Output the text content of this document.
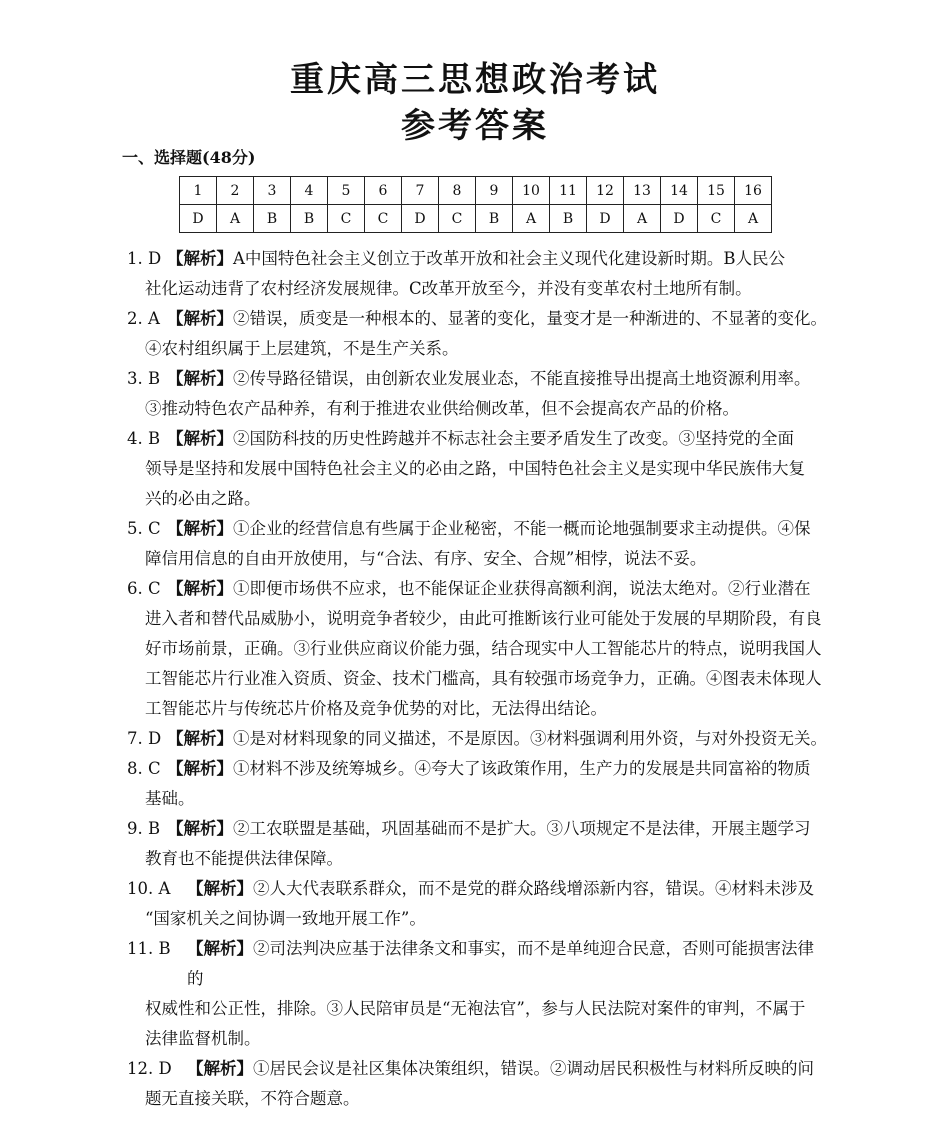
重庆高三思想政治考试
参考答案
一、选择题(48分)
1	2	3	4	5	6	7	8	9	10	11	12	13	14	15	16
D	A	B	B	C	C	D	C	B	A	B	D	A	D	C	A
1. D 【解析】A中国特色社会主义创立于改革开放和社会主义现代化建设新时期。B人民公
社化运动违背了农村经济发展规律。C改革开放至今，并没有变革农村土地所有制。
2. A 【解析】②错误，质变是一种根本的、显著的变化，量变才是一种渐进的、不显著的变化。
④农村组织属于上层建筑，不是生产关系。
3. B 【解析】②传导路径错误，由创新农业发展业态，不能直接推导出提高土地资源利用率。
③推动特色农产品种养，有利于推进农业供给侧改革，但不会提高农产品的价格。
4. B 【解析】②国防科技的历史性跨越并不标志社会主要矛盾发生了改变。③坚持党的全面
领导是坚持和发展中国特色社会主义的必由之路，中国特色社会主义是实现中华民族伟大复
兴的必由之路。
5. C 【解析】①企业的经营信息有些属于企业秘密，不能一概而论地强制要求主动提供。④保
障信用信息的自由开放使用，与“合法、有序、安全、合规”相悖，说法不妥。
6. C 【解析】①即便市场供不应求，也不能保证企业获得高额利润，说法太绝对。②行业潜在
进入者和替代品威胁小，说明竞争者较少，由此可推断该行业可能处于发展的早期阶段，有良
好市场前景，正确。③行业供应商议价能力强，结合现实中人工智能芯片的特点，说明我国人
工智能芯片行业准入资质、资金、技术门槛高，具有较强市场竞争力，正确。④图表未体现人
工智能芯片与传统芯片价格及竞争优势的对比，无法得出结论。
7. D 【解析】①是对材料现象的同义描述，不是原因。③材料强调利用外资，与对外投资无关。
8. C 【解析】①材料不涉及统筹城乡。④夸大了该政策作用，生产力的发展是共同富裕的物质
基础。
9. B 【解析】②工农联盟是基础，巩固基础而不是扩大。③八项规定不是法律，开展主题学习
教育也不能提供法律保障。
10. A	【解析】②人大代表联系群众，而不是党的群众路线增添新内容，错误。④材料未涉及
“国家机关之间协调一致地开展工作”。
11. B 【解析】②司法判决应基于法律条文和事实，而不是单纯迎合民意，否则可能损害法律的
权威性和公正性，排除。③人民陪审员是“无袍法官”，参与人民法院对案件的审判，不属于
法律监督机制。
12. D 【解析】①居民会议是社区集体决策组织，错误。②调动居民积极性与材料所反映的问
题无直接关联，不符合题意。
